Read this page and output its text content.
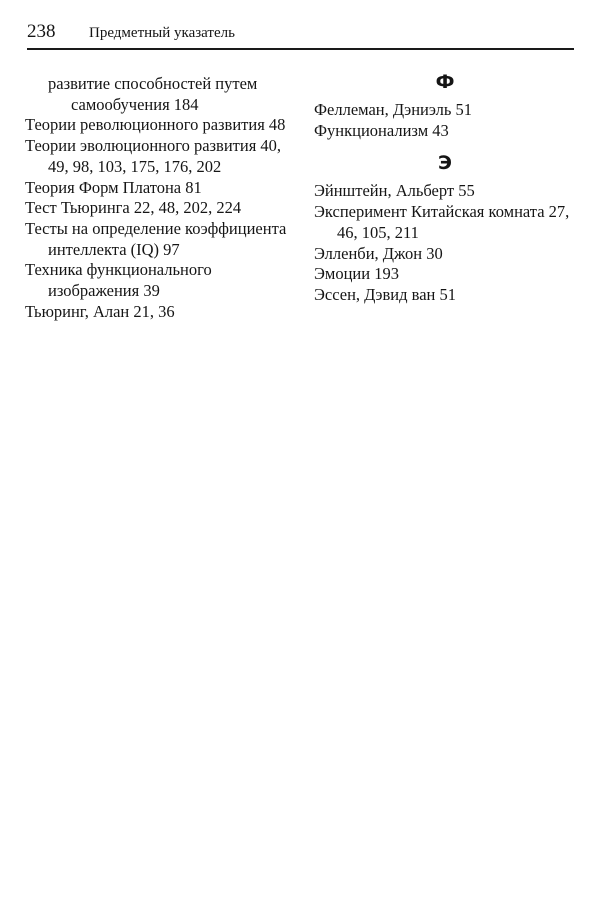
238 Предметный указатель

развитие способностей путем самообучения 184

Теории революционного развития 48

Теории эволюционного развития 40, 49, 98, 103, 175, 176, 202

Теория Форм Платона 81

Тест Тьюринга 22, 48, 202, 224

Тесты на определение коэффициента интеллекта (IQ) 97

Техника функционального изображения 39

Тьюринг, Алан 21, 36

Ф

Феллеман, Дэниэль 51

Функционализм 43

Э

Эйнштейн, Альберт 55

Эксперимент Китайская комната 27, 46, 105, 211

Элленби, Джон 30

Эмоции 193

Эссен, Дэвид ван 51
